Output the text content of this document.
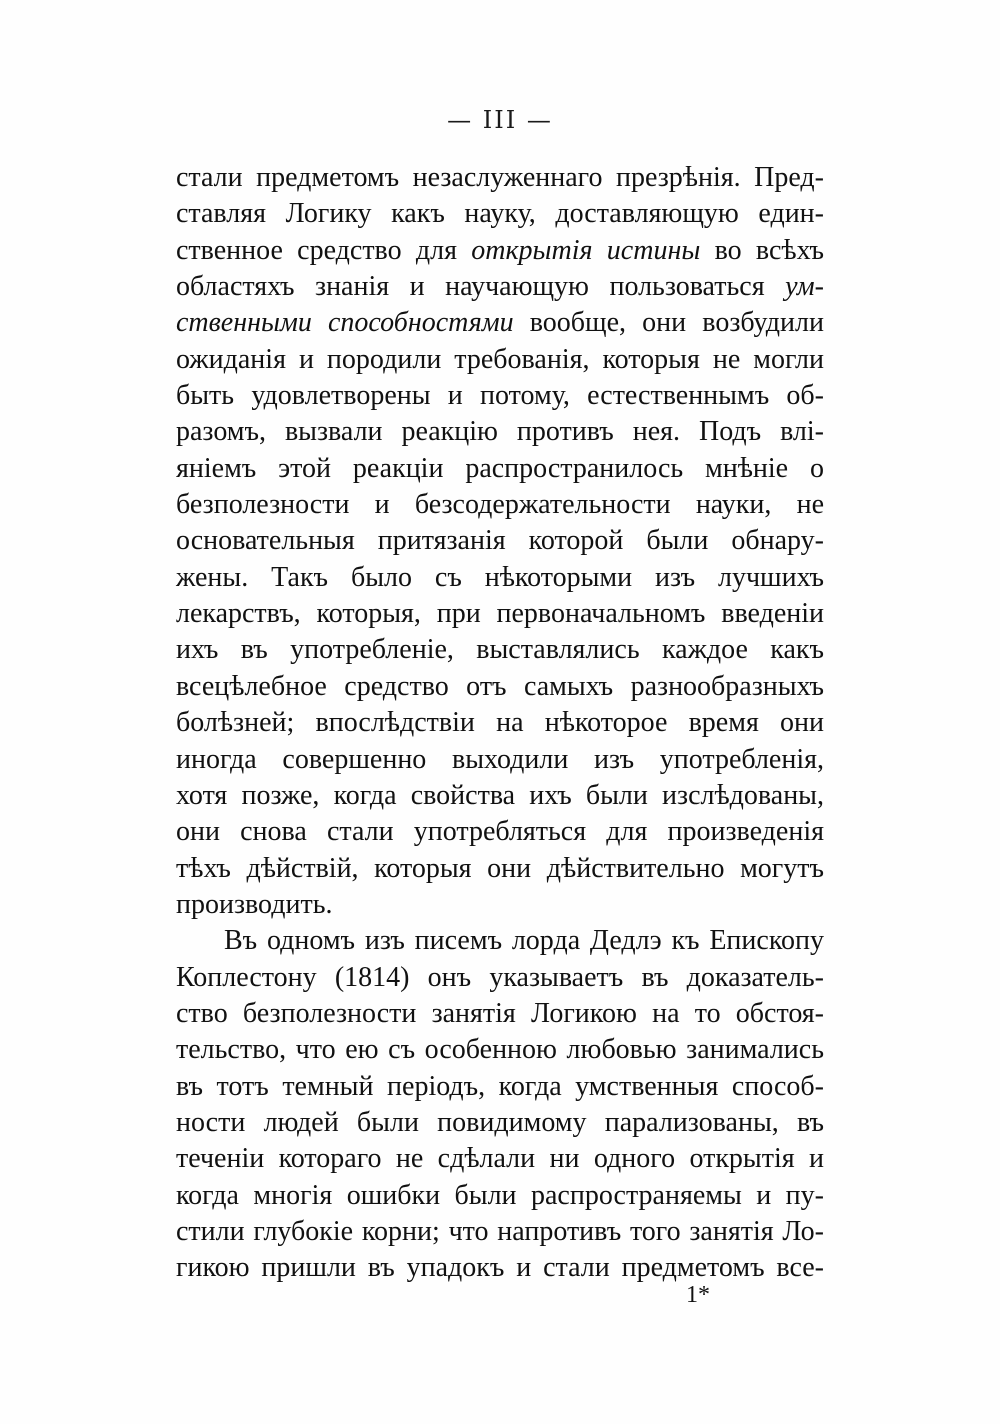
— III —
стали предметомъ незаслуженнаго презрѣнія. Пред-
ставляя Логику какъ науку, доставляющую един-
ственное средство для открытія истины во всѣхъ
областяхъ знанія и научающую пользоваться ум-
ственными способностями вообще, они возбудили
ожиданія и породили требованія, которыя не могли
быть удовлетворены и потому, естественнымъ об-
разомъ, вызвали реакцію противъ нея. Подъ влі-
яніемъ этой реакціи распространилось мнѣніе о
безполезности и безсодержательности науки, не
основательныя притязанія которой были обнару-
жены. Такъ было съ нѣкоторыми изъ лучшихъ
лекарствъ, которыя, при первоначальномъ введеніи
ихъ въ употребленіе, выставлялись каждое какъ
всецѣлебное средство отъ самыхъ разнообразныхъ
болѣзней; впослѣдствіи на нѣкоторое время они
иногда совершенно выходили изъ употребленія,
хотя позже, когда свойства ихъ были изслѣдованы,
они снова стали употребляться для произведенія
тѣхъ дѣйствій, которыя они дѣйствительно могутъ
производить.
Въ одномъ изъ писемъ лорда Дедлэ къ Епископу
Коплестону (1814) онъ указываетъ въ доказатель-
ство безполезности занятія Логикою на то обстоя-
тельство, что ею съ особенною любовью занимались
въ тотъ темный періодъ, когда умственныя способ-
ности людей были повидимому парализованы, въ
теченіи котораго не сдѣлали ни одного открытія и
когда многія ошибки были распространяемы и пу-
стили глубокіе корни; что напротивъ того занятія Ло-
гикою пришли въ упадокъ и стали предметомъ все-
1*
